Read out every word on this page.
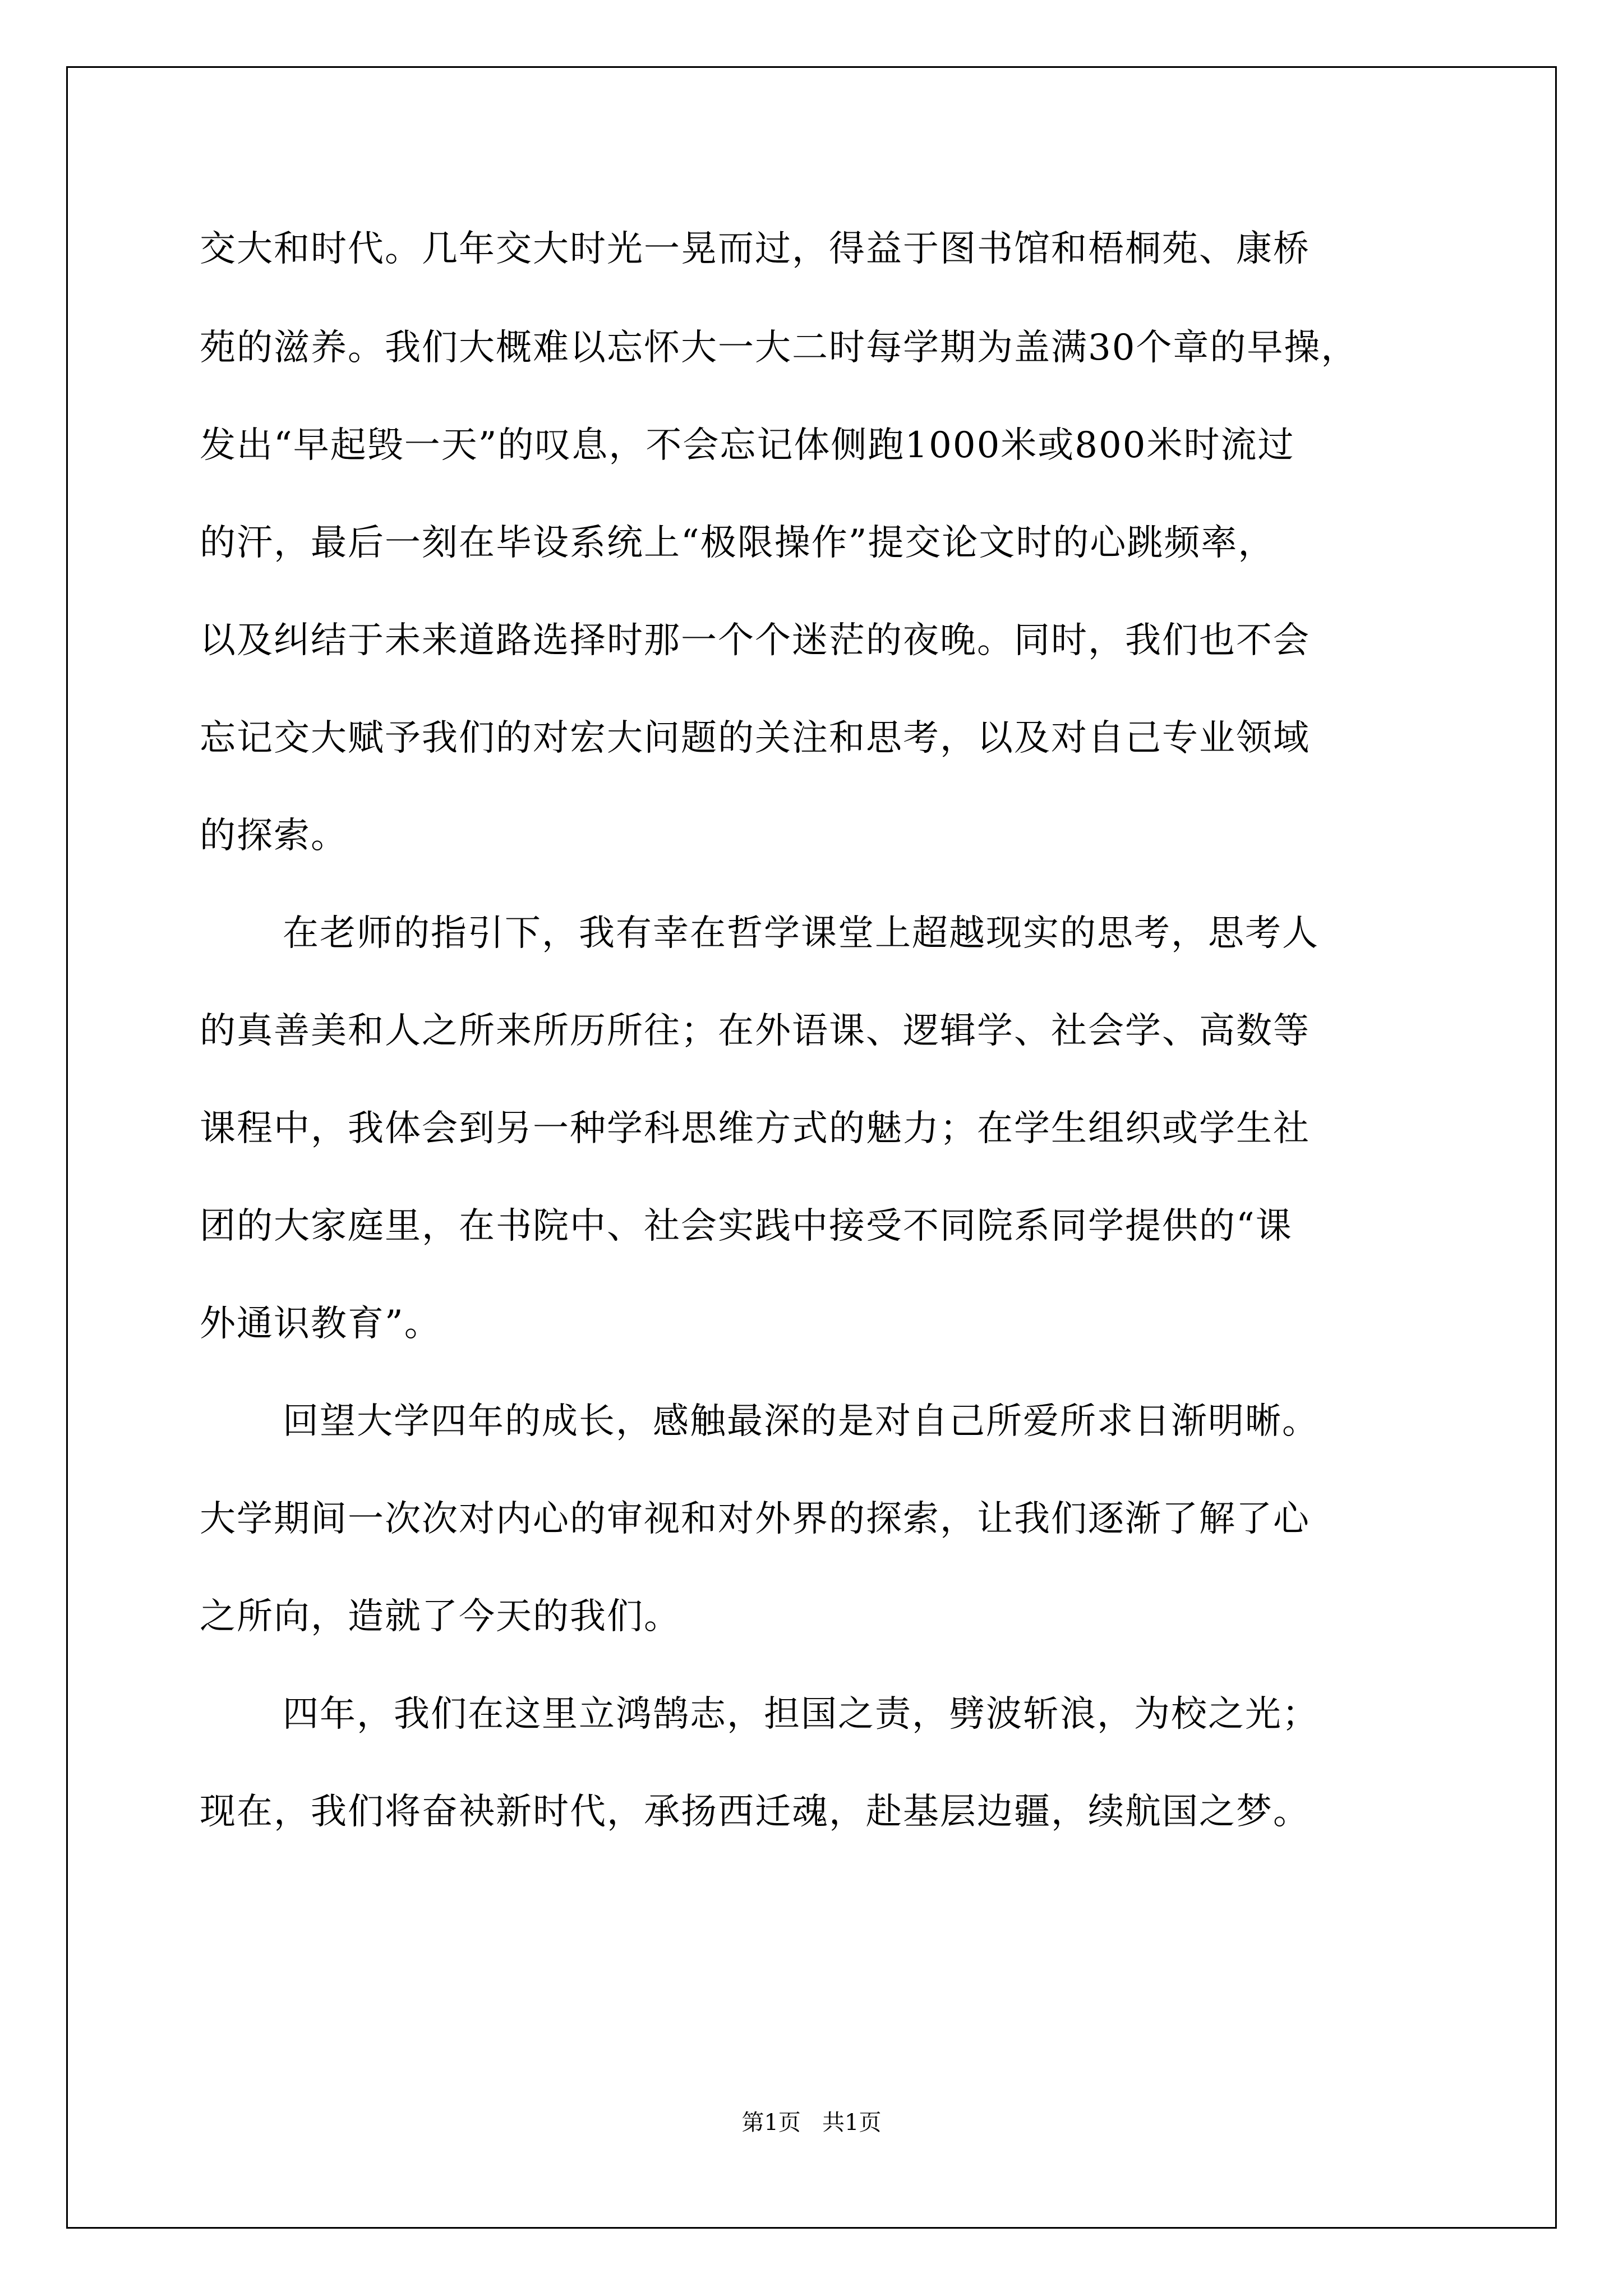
交大和时代。几年交大时光一晃而过，得益于图书馆和梧桐苑、康桥
苑的滋养。我们大概难以忘怀大一大二时每学期为盖满30个章的早操，
发出“早起毁一天”的叹息，不会忘记体侧跑1000米或800米时流过
的汗，最后一刻在毕设系统上“极限操作”提交论文时的心跳频率，
以及纠结于未来道路选择时那一个个迷茫的夜晚。同时，我们也不会
忘记交大赋予我们的对宏大问题的关注和思考，以及对自己专业领域
的探索。
在老师的指引下，我有幸在哲学课堂上超越现实的思考，思考人
的真善美和人之所来所历所往；在外语课、逻辑学、社会学、高数等
课程中，我体会到另一种学科思维方式的魅力；在学生组织或学生社
团的大家庭里，在书院中、社会实践中接受不同院系同学提供的“课
外通识教育”。
回望大学四年的成长，感触最深的是对自己所爱所求日渐明晰。
大学期间一次次对内心的审视和对外界的探索，让我们逐渐了解了心
之所向，造就了今天的我们。
四年，我们在这里立鸿鹄志，担国之责，劈波斩浪，为校之光；
现在，我们将奋袂新时代，承扬西迁魂，赴基层边疆，续航国之梦。
第1页   共1页
